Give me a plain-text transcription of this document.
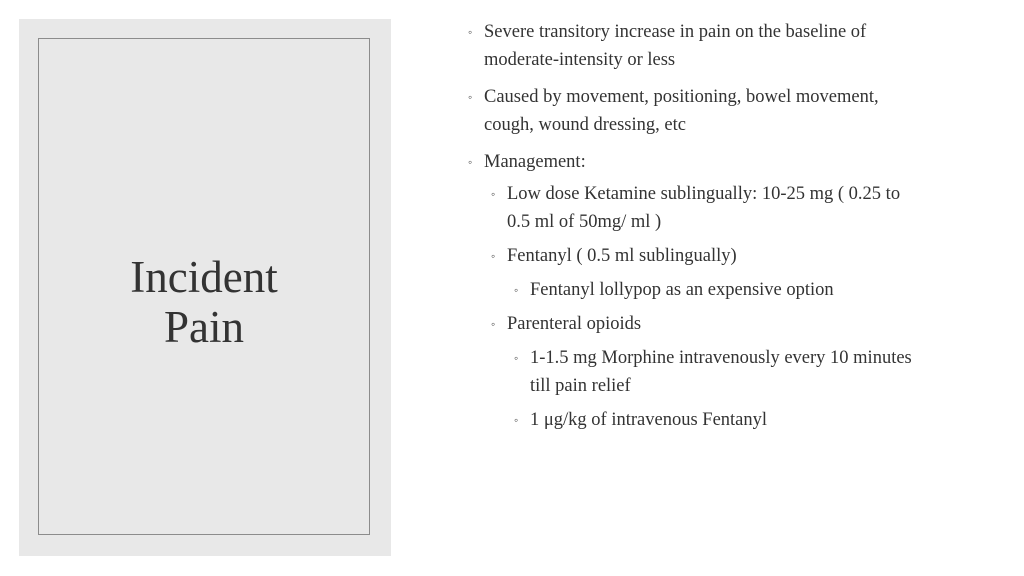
Incident
Pain
◦ Severe transitory increase in pain on the baseline of moderate-intensity or less
◦ Caused by movement, positioning, bowel movement, cough, wound dressing, etc
◦ Management:
◦ Low dose Ketamine sublingually: 10-25 mg ( 0.25 to 0.5 ml of 50mg/ ml )
◦ Fentanyl ( 0.5 ml sublingually)
◦ Fentanyl lollypop as an expensive option
◦ Parenteral opioids
◦ 1-1.5 mg Morphine intravenously every 10 minutes till pain relief
◦ 1 μg/kg of intravenous Fentanyl
